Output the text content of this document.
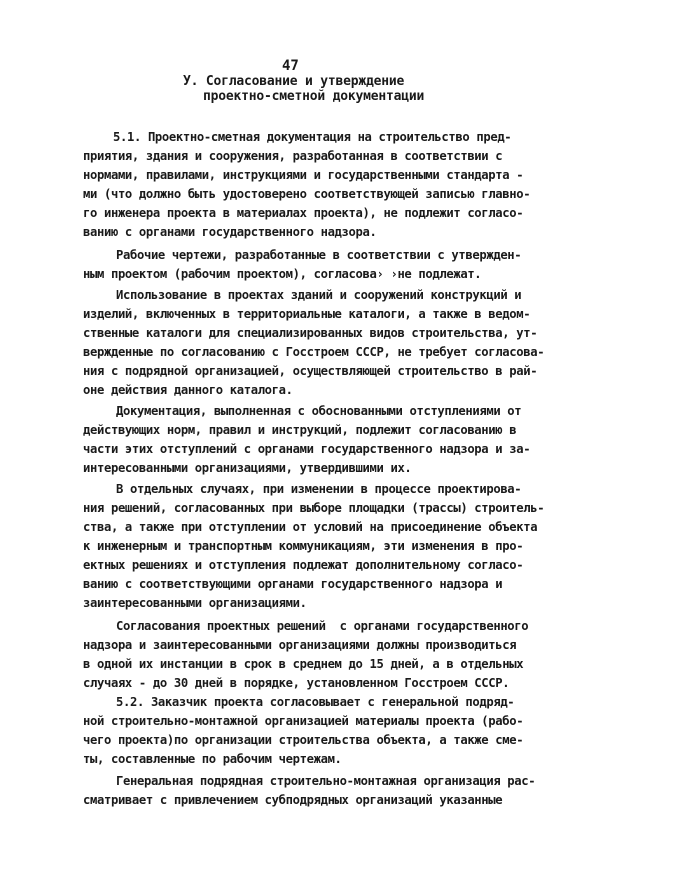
47
У. Согласование и утверждение
проектно-сметной документации
5.1. Проектно-сметная документация на строительство пред-
приятия, здания и сооружения, разработанная в соответствии с
нормами, правилами, инструкциями и государственными стандарта -
ми (что должно быть удостоверено соответствующей записью главно-
го инженера проекта в материалах проекта), не подлежит согласо-
ванию с органами государственного надзора.
Рабочие чертежи, разработанные в соответствии с утвержден-
ным проектом (рабочим проектом), согласова› ›не подлежат.
Использование в проектах зданий и сооружений конструкций и
изделий, включенных в территориальные каталоги, а также в ведом-
ственные каталоги для специализированных видов строительства, ут-
вержденные по согласованию с Госстроем СССР, не требует согласова-
ния с подрядной организацией, осуществляющей строительство в рай-
оне действия данного каталога.
Документация, выполненная с обоснованными отступлениями от
действующих норм, правил и инструкций, подлежит согласованию в
части этих отступлений с органами государственного надзора и за-
интересованными организациями, утвердившими их.
В отдельных случаях, при изменении в процессе проектирова-
ния решений, согласованных при выборе площадки (трассы) строитель-
ства, а также при отступлении от условий на присоединение объекта
к инженерным и транспортным коммуникациям, эти изменения в про-
ектных решениях и отступления подлежат дополнительному согласо-
ванию с соответствующими органами государственного надзора и
заинтересованными организациями.
Согласования проектных решений  с органами государственного
надзора и заинтересованными организациями должны производиться
в одной их инстанции в срок в среднем до 15 дней, а в отдельных
случаях - до 30 дней в порядке, установленном Госстроем СССР.
5.2. Заказчик проекта согласовывает с генеральной подряд-
ной строительно-монтажной организацией материалы проекта (рабо-
чего проекта)по организации строительства объекта, а также сме-
ты, составленные по рабочим чертежам.
Генеральная подрядная строительно-монтажная организация рас-
сматривает с привлечением субподрядных организаций указанные
